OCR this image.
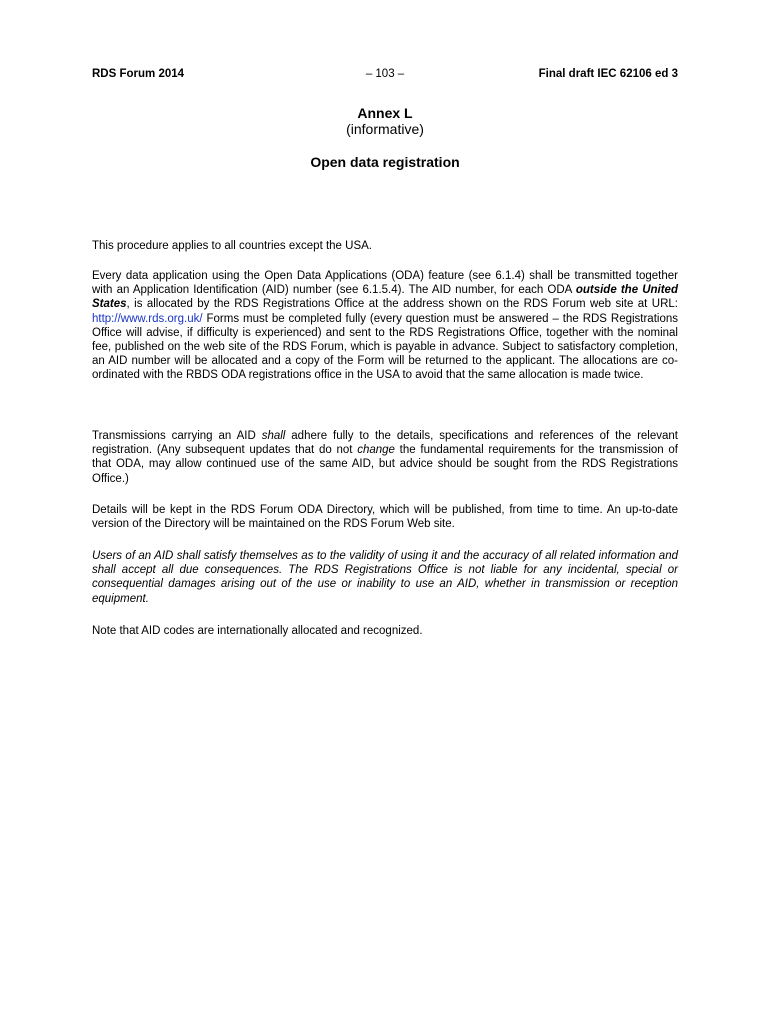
RDS Forum 2014	– 103 –	Final draft IEC 62106 ed 3
Annex L
(informative)
Open data registration

This procedure applies to all countries except the USA.

Every data application using the Open Data Applications (ODA) feature (see 6.1.4) shall be transmitted together with an Application Identification (AID) number (see 6.1.5.4). The AID number, for each ODA outside the United States, is allocated by the RDS Registrations Office at the address shown on the RDS Forum web site at URL: http://www.rds.org.uk/ Forms must be completed fully (every question must be answered – the RDS Registrations Office will advise, if difficulty is experienced) and sent to the RDS Registrations Office, together with the nominal fee, published on the web site of the RDS Forum, which is payable in advance. Subject to satisfactory completion, an AID number will be allocated and a copy of the Form will be returned to the applicant. The allocations are co-ordinated with the RBDS ODA registrations office in the USA to avoid that the same allocation is made twice.

Transmissions carrying an AID shall adhere fully to the details, specifications and references of the relevant registration. (Any subsequent updates that do not change the fundamental requirements for the transmission of that ODA, may allow continued use of the same AID, but advice should be sought from the RDS Registrations Office.)

Details will be kept in the RDS Forum ODA Directory, which will be published, from time to time. An up-to-date version of the Directory will be maintained on the RDS Forum Web site.

Users of an AID shall satisfy themselves as to the validity of using it and the accuracy of all related information and shall accept all due consequences. The RDS Registrations Office is not liable for any incidental, special or consequential damages arising out of the use or inability to use an AID, whether in transmission or reception equipment.

Note that AID codes are internationally allocated and recognized.
